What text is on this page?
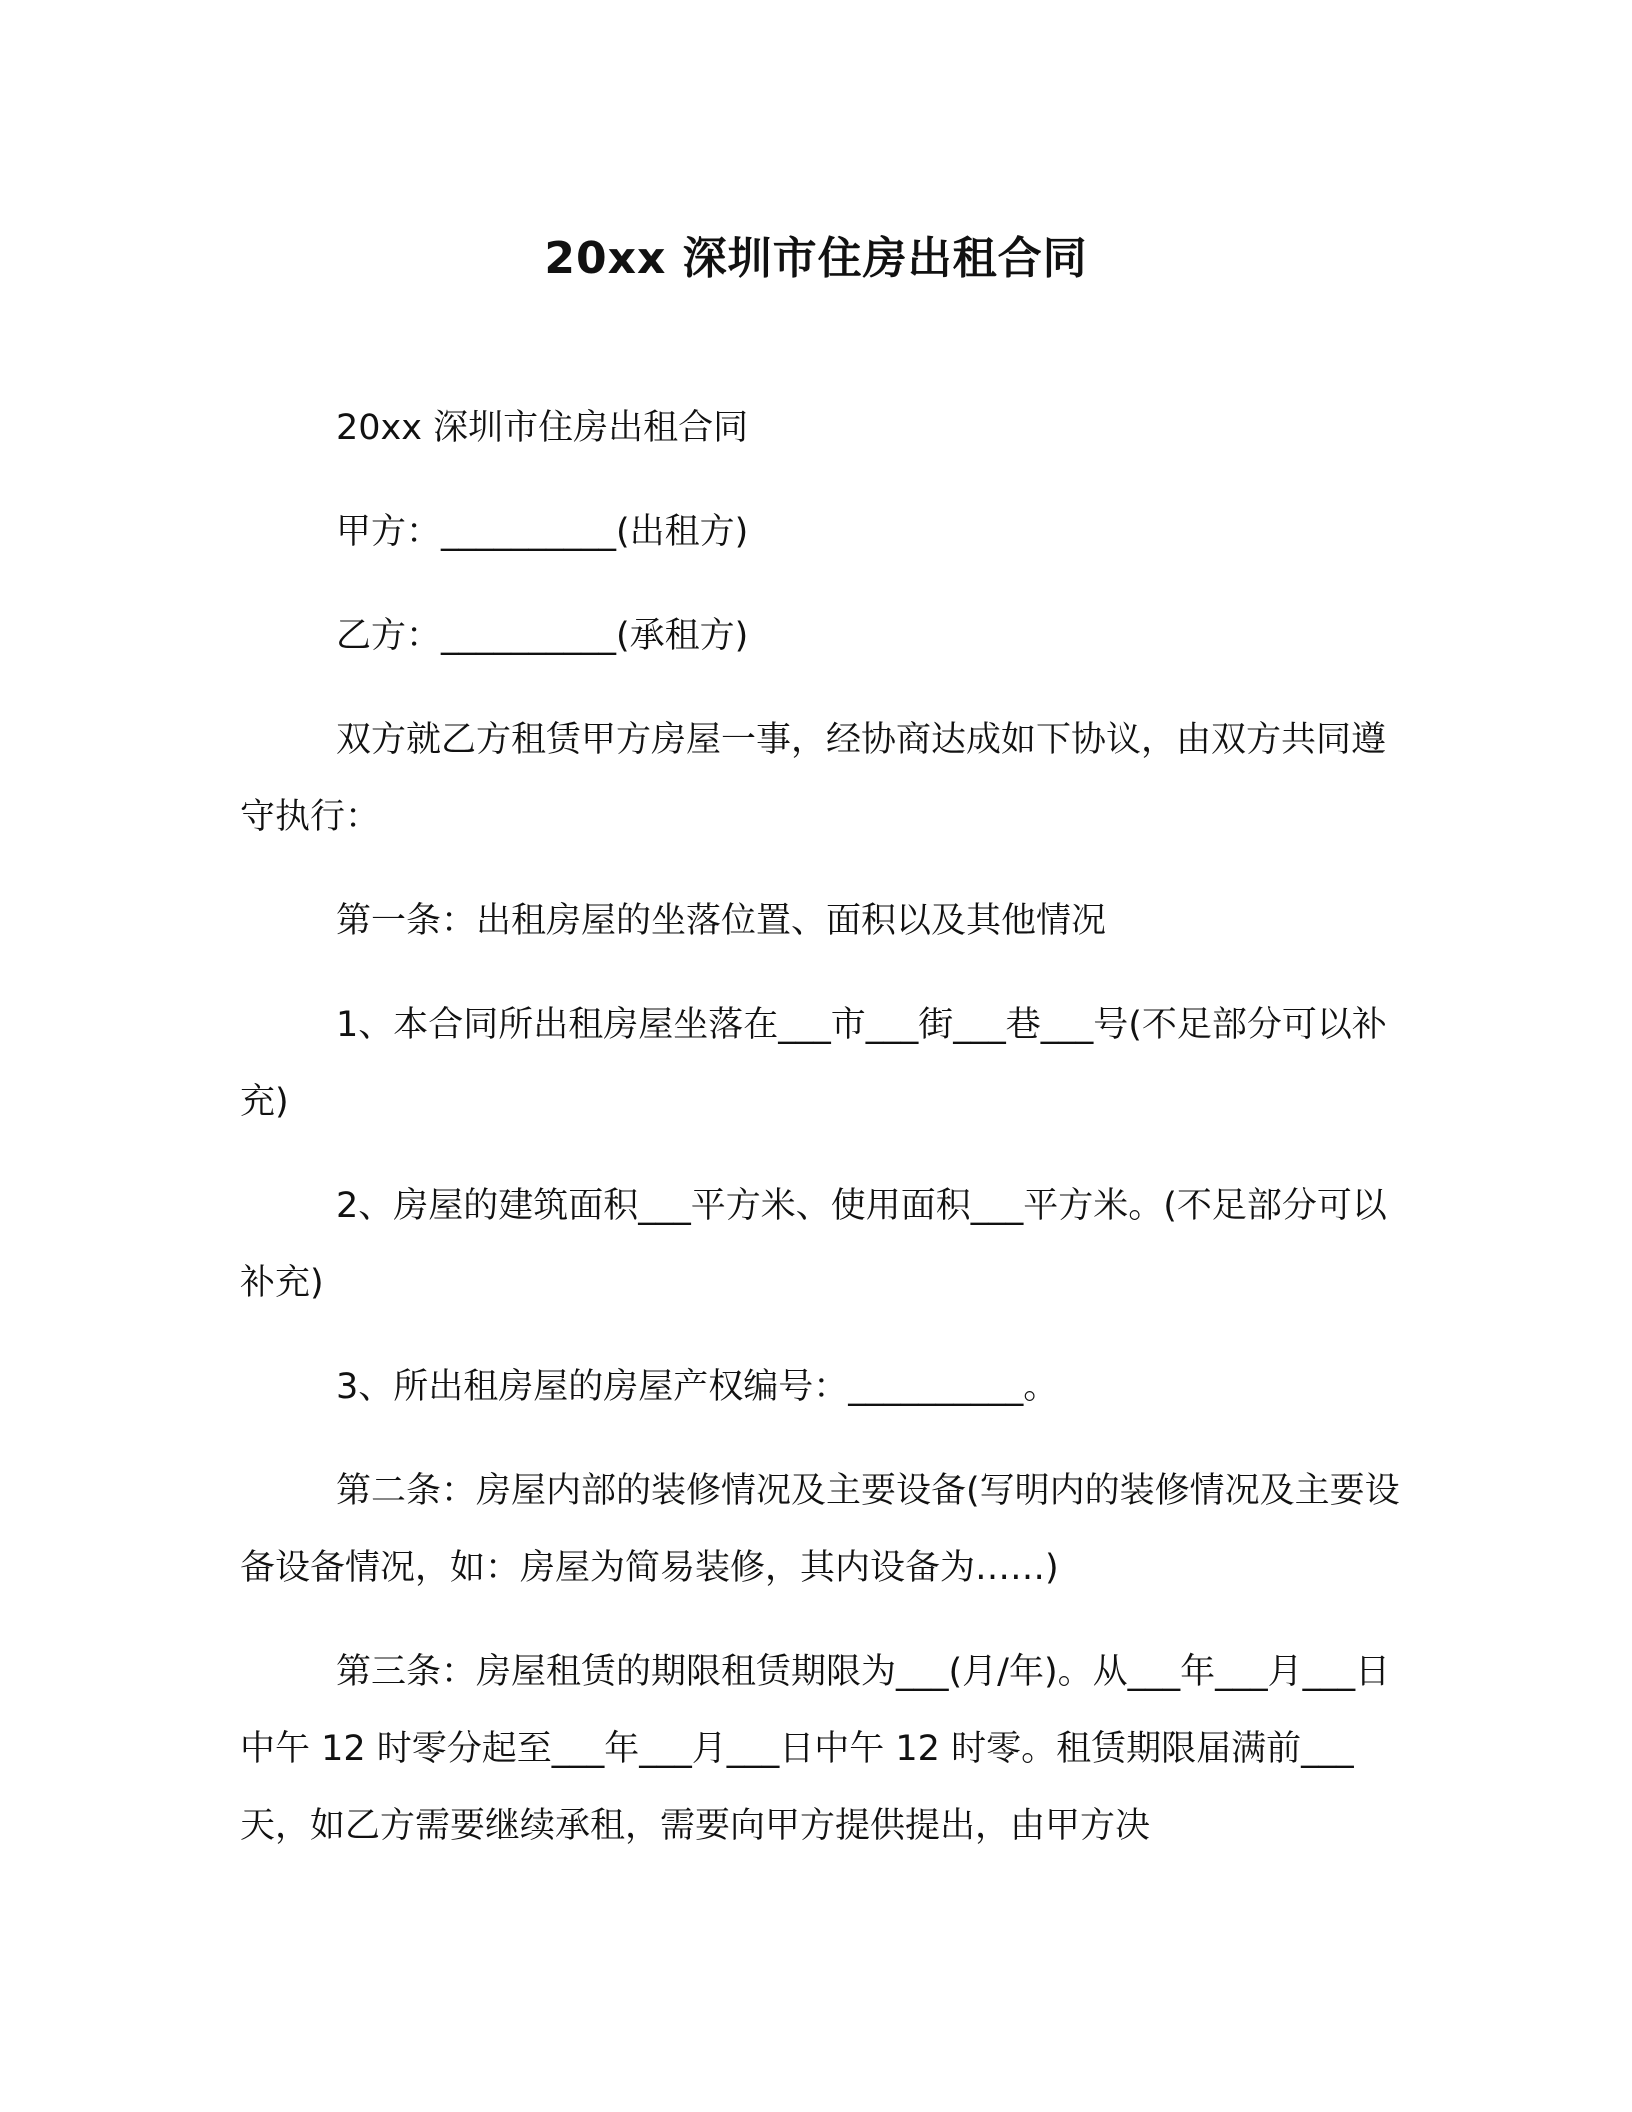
20xx 深圳市住房出租合同

20xx 深圳市住房出租合同

甲方：__________(出租方)

乙方：__________(承租方)

双方就乙方租赁甲方房屋一事，经协商达成如下协议，由双方共同遵守执行：

第一条：出租房屋的坐落位置、面积以及其他情况

1、本合同所出租房屋坐落在___市___街___巷___号(不足部分可以补充)

2、房屋的建筑面积___平方米、使用面积___平方米。(不足部分可以补充)

3、所出租房屋的房屋产权编号：__________。

第二条：房屋内部的装修情况及主要设备(写明内的装修情况及主要设备设备情况，如：房屋为简易装修，其内设备为……)

第三条：房屋租赁的期限租赁期限为___(月/年)。从___年___月___日中午 12 时零分起至___年___月___日中午 12 时零。租赁期限届满前___天，如乙方需要继续承租，需要向甲方提供提出，由甲方决
